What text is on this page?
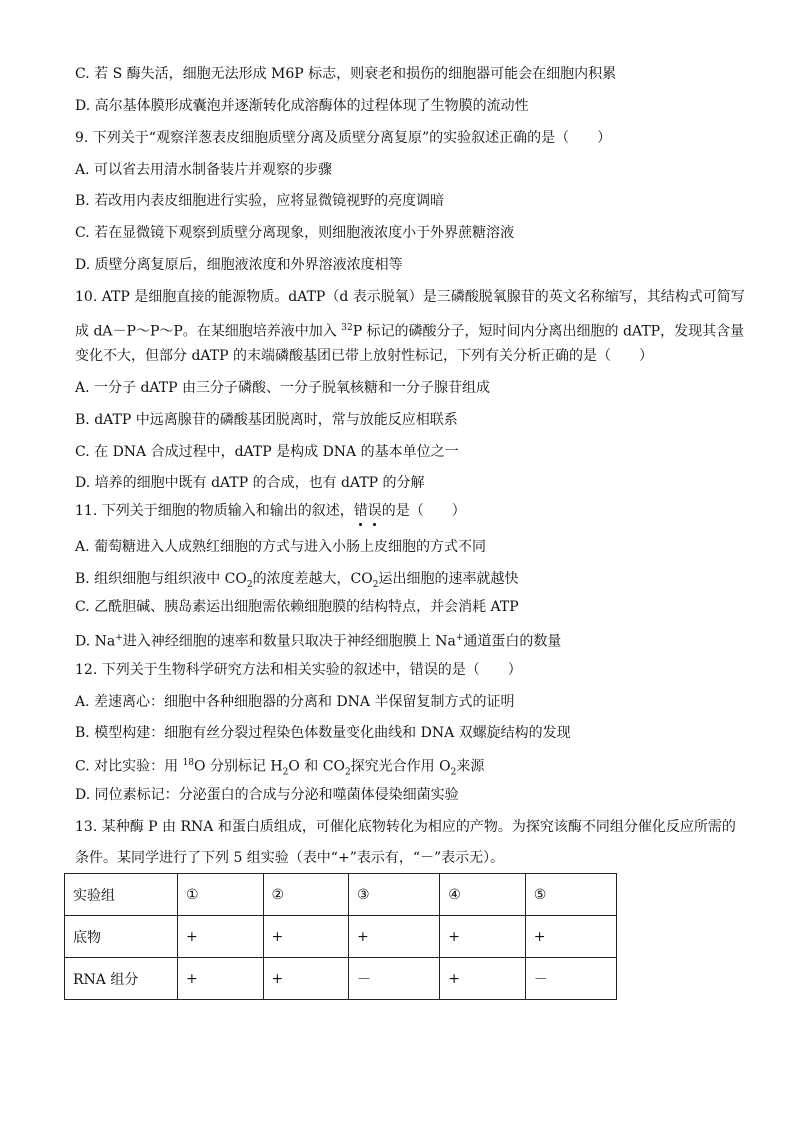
C. 若 S 酶失活，细胞无法形成 M6P 标志，则衰老和损伤的细胞器可能会在细胞内积累
D. 高尔基体膜形成囊泡并逐渐转化成溶酶体的过程体现了生物膜的流动性
9. 下列关于“观察洋葱表皮细胞质壁分离及质壁分离复原”的实验叙述正确的是（　　）
A. 可以省去用清水制备装片并观察的步骤
B. 若改用内表皮细胞进行实验，应将显微镜视野的亮度调暗
C. 若在显微镜下观察到质壁分离现象，则细胞液浓度小于外界蔗糖溶液
D. 质壁分离复原后，细胞液浓度和外界溶液浓度相等
10. ATP 是细胞直接的能源物质。dATP（d 表示脱氧）是三磷酸脱氧腺苷的英文名称缩写，其结构式可简写
成 dA－P～P～P。在某细胞培养液中加入 $^{32}$P 标记的磷酸分子，短时间内分离出细胞的 dATP，发现其含量
变化不大，但部分 dATP 的末端磷酸基团已带上放射性标记，下列有关分析正确的是（　　）
A. 一分子 dATP 由三分子磷酸、一分子脱氧核糖和一分子腺苷组成
B. dATP 中远离腺苷的磷酸基团脱离时，常与放能反应相联系
C. 在 DNA 合成过程中，dATP 是构成 DNA 的基本单位之一
D. 培养的细胞中既有 dATP 的合成，也有 dATP 的分解
11. 下列关于细胞的物质输入和输出的叙述，错误的是（　　）
A. 葡萄糖进入人成熟红细胞的方式与进入小肠上皮细胞的方式不同
B. 组织细胞与组织液中 $CO_2$的浓度差越大，$CO_2$运出细胞的速率就越快
C. 乙酰胆碱、胰岛素运出细胞需依赖细胞膜的结构特点，并会消耗 ATP
D. Na+进入神经细胞的速率和数量只取决于神经细胞膜上 Na+通道蛋白的数量
12. 下列关于生物科学研究方法和相关实验的叙述中，错误的是（　　）
A. 差速离心：细胞中各种细胞器的分离和 DNA 半保留复制方式的证明
B. 模型构建：细胞有丝分裂过程染色体数量变化曲线和 DNA 双螺旋结构的发现
C. 对比实验：用 $^{18}$O 分别标记 $H_2O$ 和 $CO_2$探究光合作用 $O_2$来源
D. 同位素标记：分泌蛋白的合成与分泌和噬菌体侵染细菌实验
13. 某种酶 P 由 RNA 和蛋白质组成，可催化底物转化为相应的产物。为探究该酶不同组分催化反应所需的
条件。某同学进行了下列 5 组实验（表中“+”表示有，“－”表示无）。
实验组	①	②	③	④	⑤
底物	+	+	+	+	+
RNA 组分	+	+	－	+	－
